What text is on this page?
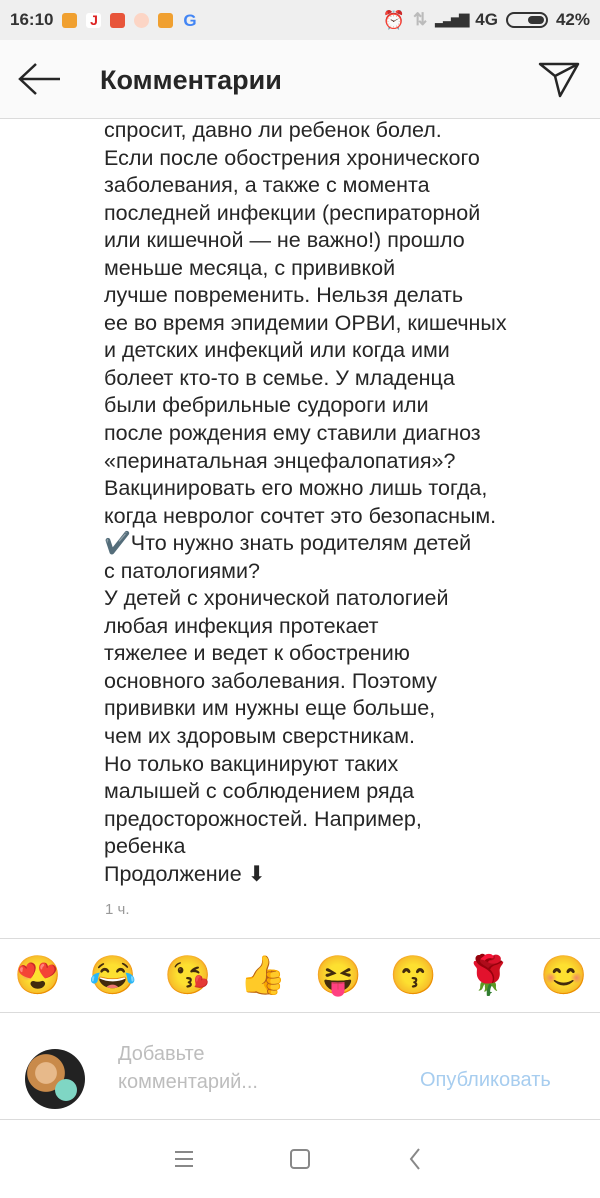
16:10	J	G	⏰ ⇅ ▂▃▅▇ 4G	42%
Комментарии
спросит, давно ли ребенок болел.
Если после обострения хронического
заболевания, а также с момента
последней инфекции (респираторной
или кишечной — не важно!) прошло
меньше месяца, с прививкой
лучше повременить. Нельзя делать
ее во время эпидемии ОРВИ, кишечных
и детских инфекций или когда ими
болеет кто-то в семье. У младенца
были фебрильные судороги или
после рождения ему ставили диагноз
«перинатальная энцефалопатия»?
Вакцинировать его можно лишь тогда,
когда невролог сочтет это безопасным.
✔️Что нужно знать родителям детей
с патологиями?
У детей с хронической патологией
любая инфекция протекает
тяжелее и ведет к обострению
основного заболевания. Поэтому
прививки им нужны еще больше,
чем их здоровым сверстникам.
Но только вакцинируют таких
малышей с соблюдением ряда
предосторожностей. Например,
ребенка
Продолжение ⬇
1 ч.
😍 😂 😘 👍 😝 😙 🌹 😊
Добавьте комментарий...	Опубликовать
